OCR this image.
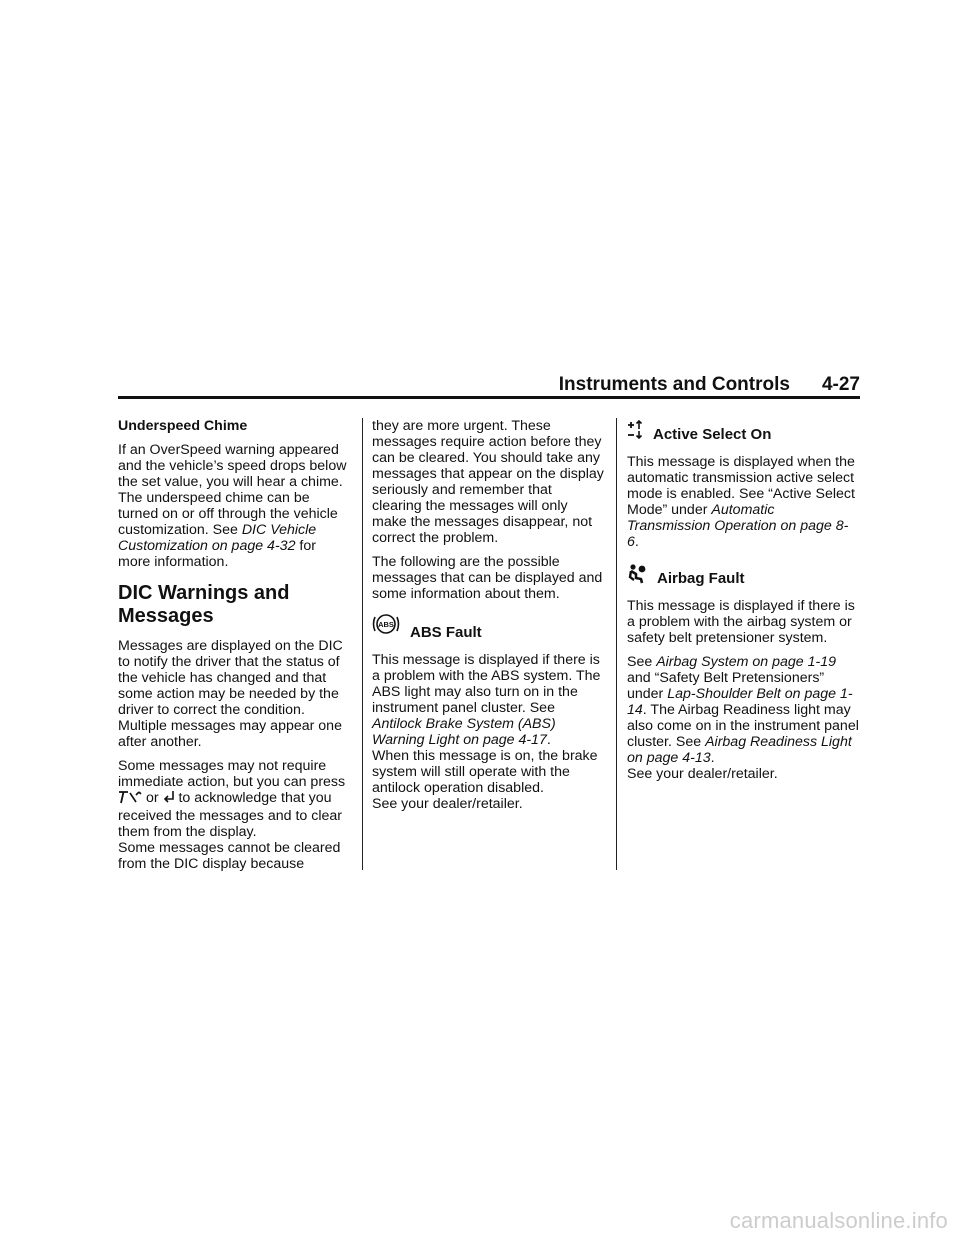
Instruments and Controls 4-27

Underspeed Chime

If an OverSpeed warning appeared and the vehicle’s speed drops below the set value, you will hear a chime. The underspeed chime can be turned on or off through the vehicle customization. See DIC Vehicle Customization on page 4-32 for more information.

DIC Warnings and Messages

Messages are displayed on the DIC to notify the driver that the status of the vehicle has changed and that some action may be needed by the driver to correct the condition. Multiple messages may appear one after another.

Some messages may not require immediate action, but you can press
or to acknowledge that you received the messages and to clear them from the display.
Some messages cannot be cleared from the DIC display because

they are more urgent. These messages require action before they can be cleared. You should take any messages that appear on the display seriously and remember that clearing the messages will only make the messages disappear, not correct the problem.

The following are the possible messages that can be displayed and some information about them.

ABS ABS Fault

This message is displayed if there is a problem with the ABS system. The ABS light may also turn on in the instrument panel cluster. See Antilock Brake System (ABS) Warning Light on page 4-17.
When this message is on, the brake system will still operate with the antilock operation disabled.
See your dealer/retailer.

Active Select On

This message is displayed when the automatic transmission active select mode is enabled. See “Active Select Mode” under Automatic Transmission Operation on page 8-6.

Airbag Fault

This message is displayed if there is a problem with the airbag system or safety belt pretensioner system.

See Airbag System on page 1-19 and “Safety Belt Pretensioners” under Lap-Shoulder Belt on page 1-14. The Airbag Readiness light may also come on in the instrument panel cluster. See Airbag Readiness Light on page 4-13.
See your dealer/retailer.

carmanualsonline.info
